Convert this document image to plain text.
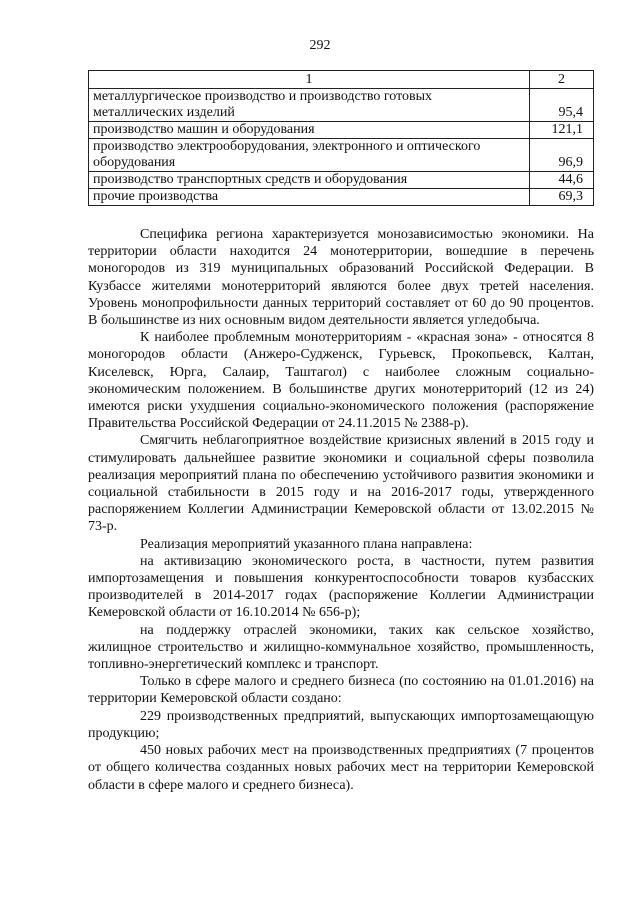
292
1	2
металлургическое производство и производство готовых металлических изделий	95,4
производство машин и оборудования	121,1
производство электрооборудования, электронного и оптического оборудования	96,9
производство транспортных средств и оборудования	44,6
прочие производства	69,3

Специфика региона характеризуется монозависимостью экономики. На территории области находится 24 монотерритории, вошедшие в перечень моногородов из 319 муниципальных образований Российской Федерации. В Кузбассе жителями монотерриторий являются более двух третей населения. Уровень монопрофильности данных территорий составляет от 60 до 90 процентов. В большинстве из них основным видом деятельности является угледобыча.

К наиболее проблемным монотерриториям - «красная зона» - относятся 8 моногородов области (Анжеро-Судженск, Гурьевск, Прокопьевск, Калтан, Киселевск, Юрга, Салаир, Таштагол) с наиболее сложным социально-экономическим положением. В большинстве других монотерриторий (12 из 24) имеются риски ухудшения социально-экономического положения (распоряжение Правительства Российской Федерации от 24.11.2015 № 2388-р).

Смягчить неблагоприятное воздействие кризисных явлений в 2015 году и стимулировать дальнейшее развитие экономики и социальной сферы позволила реализация мероприятий плана по обеспечению устойчивого развития экономики и социальной стабильности в 2015 году и на 2016-2017 годы, утвержденного распоряжением Коллегии Администрации Кемеровской области от 13.02.2015 № 73-р.

Реализация мероприятий указанного плана направлена:

на активизацию экономического роста, в частности, путем развития импортозамещения и повышения конкурентоспособности товаров кузбасских производителей в 2014-2017 годах (распоряжение Коллегии Администрации Кемеровской области от 16.10.2014 № 656-р);

на поддержку отраслей экономики, таких как сельское хозяйство, жилищное строительство и жилищно-коммунальное хозяйство, промышленность, топливно-энергетический комплекс и транспорт.

Только в сфере малого и среднего бизнеса (по состоянию на 01.01.2016) на территории Кемеровской области создано:

229 производственных предприятий, выпускающих импортозамещающую продукцию;

450 новых рабочих мест на производственных предприятиях (7 процентов от общего количества созданных новых рабочих мест на территории Кемеровской области в сфере малого и среднего бизнеса).
